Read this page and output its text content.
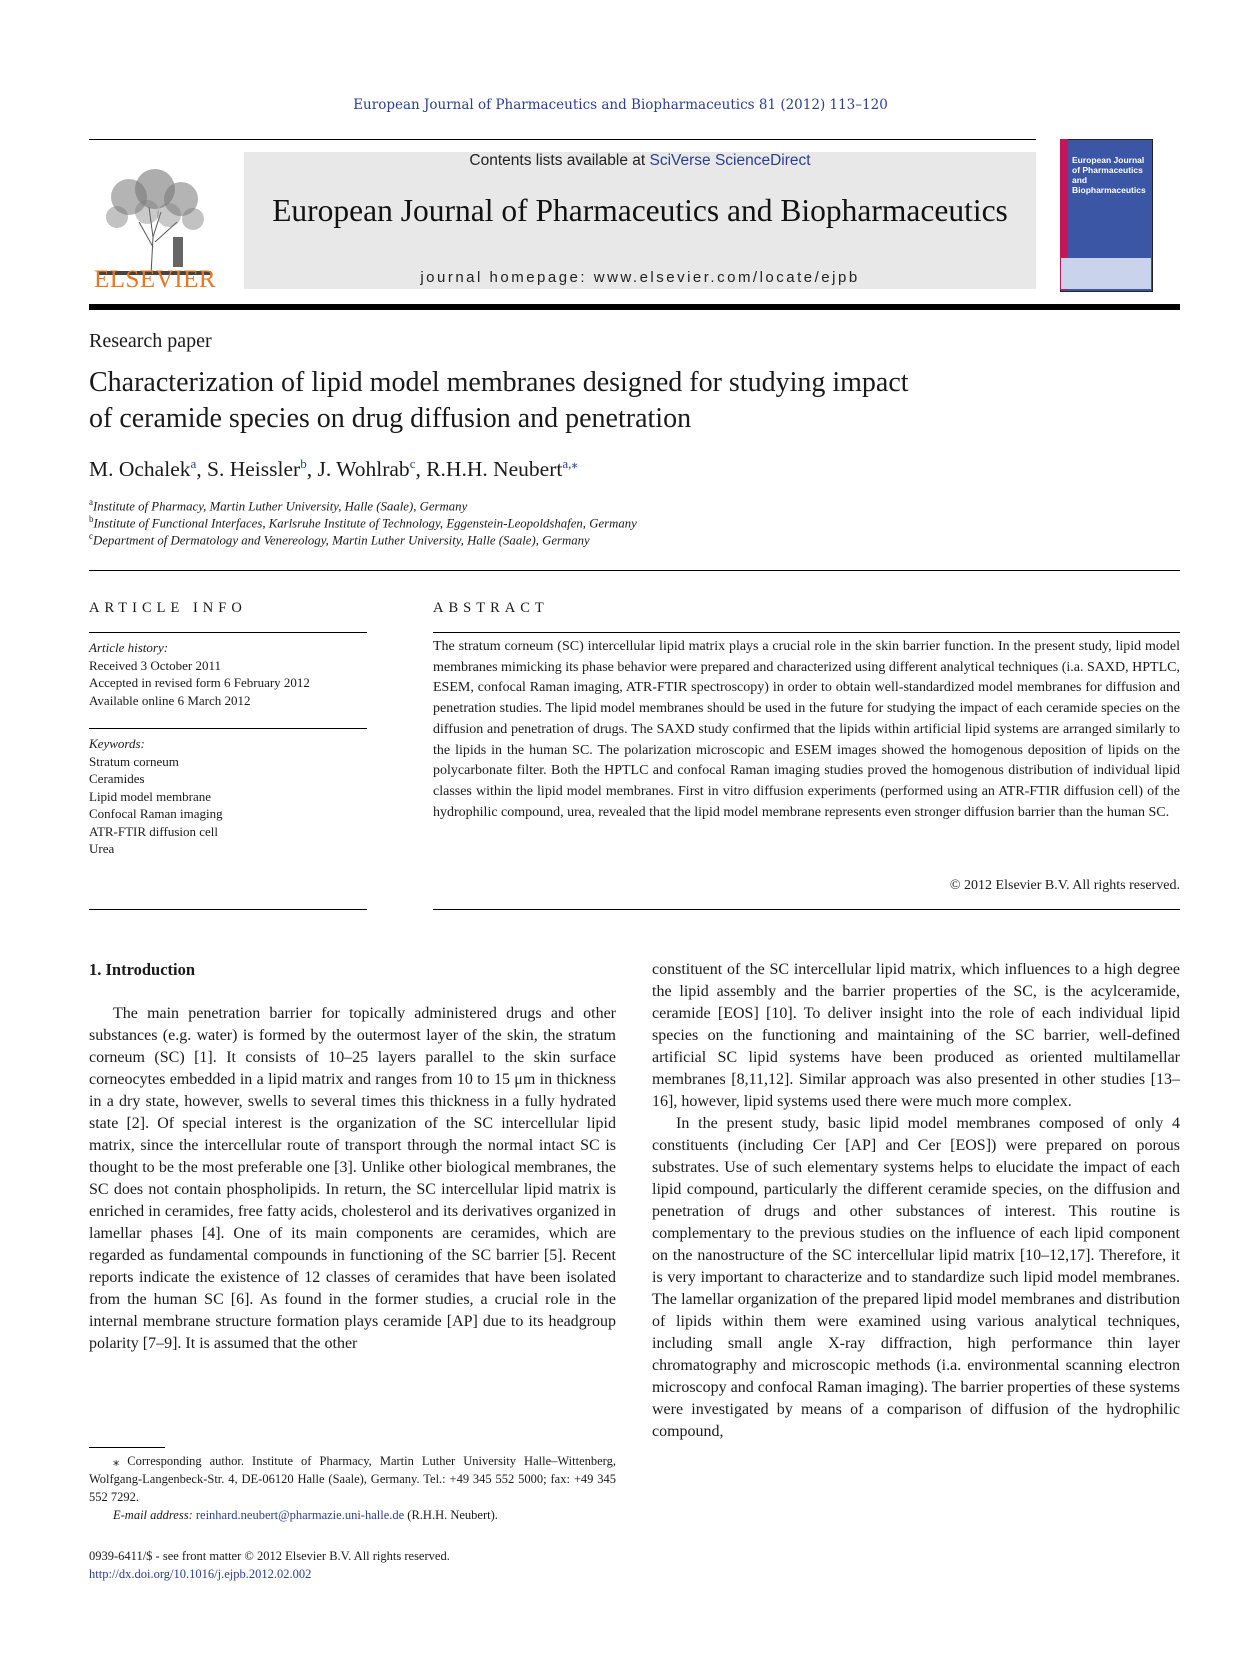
European Journal of Pharmaceutics and Biopharmaceutics 81 (2012) 113–120
ELSEVIER
Contents lists available at SciVerse ScienceDirect
European Journal of Pharmaceutics and Biopharmaceutics
journal homepage: www.elsevier.com/locate/ejpb
European Journal of Pharmaceutics and Biopharmaceutics
Research paper
Characterization of lipid model membranes designed for studying impact
of ceramide species on drug diffusion and penetration
M. Ochalek$^a$, S. Heissler$^b$, J. Wohlrab$^c$, R.H.H. Neubert$^{a,⁎}$
$^a$Institute of Pharmacy, Martin Luther University, Halle (Saale), Germany
$^b$Institute of Functional Interfaces, Karlsruhe Institute of Technology, Eggenstein-Leopoldshafen, Germany
$^c$Department of Dermatology and Venereology, Martin Luther University, Halle (Saale), Germany
ARTICLE INFO
Article history:
Received 3 October 2011
Accepted in revised form 6 February 2012
Available online 6 March 2012
Keywords:
Stratum corneum
Ceramides
Lipid model membrane
Confocal Raman imaging
ATR-FTIR diffusion cell
Urea
ABSTRACT
The stratum corneum (SC) intercellular lipid matrix plays a crucial role in the skin barrier function. In the present study, lipid model membranes mimicking its phase behavior were prepared and characterized using different analytical techniques (i.a. SAXD, HPTLC, ESEM, confocal Raman imaging, ATR-FTIR spectroscopy) in order to obtain well-standardized model membranes for diffusion and penetration studies. The lipid model membranes should be used in the future for studying the impact of each ceramide species on the diffusion and penetration of drugs. The SAXD study confirmed that the lipids within artificial lipid systems are arranged similarly to the lipids in the human SC. The polarization microscopic and ESEM images showed the homogenous deposition of lipids on the polycarbonate filter. Both the HPTLC and confocal Raman imaging studies proved the homogenous distribution of individual lipid classes within the lipid model membranes. First in vitro diffusion experiments (performed using an ATR-FTIR diffusion cell) of the hydrophilic compound, urea, revealed that the lipid model membrane represents even stronger diffusion barrier than the human SC.
© 2012 Elsevier B.V. All rights reserved.
1. Introduction

The main penetration barrier for topically administered drugs and other substances (e.g. water) is formed by the outermost layer of the skin, the stratum corneum (SC) [1]. It consists of 10–25 layers parallel to the skin surface corneocytes embedded in a lipid matrix and ranges from 10 to 15 μm in thickness in a dry state, however, swells to several times this thickness in a fully hydrated state [2]. Of special interest is the organization of the SC intercellular lipid matrix, since the intercellular route of transport through the normal intact SC is thought to be the most preferable one [3]. Unlike other biological membranes, the SC does not contain phospholipids. In return, the SC intercellular lipid matrix is enriched in ceramides, free fatty acids, cholesterol and its derivatives organized in lamellar phases [4]. One of its main components are ceramides, which are regarded as fundamental compounds in functioning of the SC barrier [5]. Recent reports indicate the existence of 12 classes of ceramides that have been isolated from the human SC [6]. As found in the former studies, a crucial role in the internal membrane structure formation plays ceramide [AP] due to its headgroup polarity [7–9]. It is assumed that the other

constituent of the SC intercellular lipid matrix, which influences to a high degree the lipid assembly and the barrier properties of the SC, is the acylceramide, ceramide [EOS] [10]. To deliver insight into the role of each individual lipid species on the functioning and maintaining of the SC barrier, well-defined artificial SC lipid systems have been produced as oriented multilamellar membranes [8,11,12]. Similar approach was also presented in other studies [13–16], however, lipid systems used there were much more complex.

In the present study, basic lipid model membranes composed of only 4 constituents (including Cer [AP] and Cer [EOS]) were prepared on porous substrates. Use of such elementary systems helps to elucidate the impact of each lipid compound, particularly the different ceramide species, on the diffusion and penetration of drugs and other substances of interest. This routine is complementary to the previous studies on the influence of each lipid component on the nanostructure of the SC intercellular lipid matrix [10–12,17]. Therefore, it is very important to characterize and to standardize such lipid model membranes. The lamellar organization of the prepared lipid model membranes and distribution of lipids within them were examined using various analytical techniques, including small angle X-ray diffraction, high performance thin layer chromatography and microscopic methods (i.a. environmental scanning electron microscopy and confocal Raman imaging). The barrier properties of these systems were investigated by means of a comparison of diffusion of the hydrophilic compound,

⁎ Corresponding author. Institute of Pharmacy, Martin Luther University Halle–Wittenberg, Wolfgang-Langenbeck-Str. 4, DE-06120 Halle (Saale), Germany. Tel.: +49 345 552 5000; fax: +49 345 552 7292.
E-mail address: reinhard.neubert@pharmazie.uni-halle.de (R.H.H. Neubert).
0939-6411/$ - see front matter © 2012 Elsevier B.V. All rights reserved.
http://dx.doi.org/10.1016/j.ejpb.2012.02.002
